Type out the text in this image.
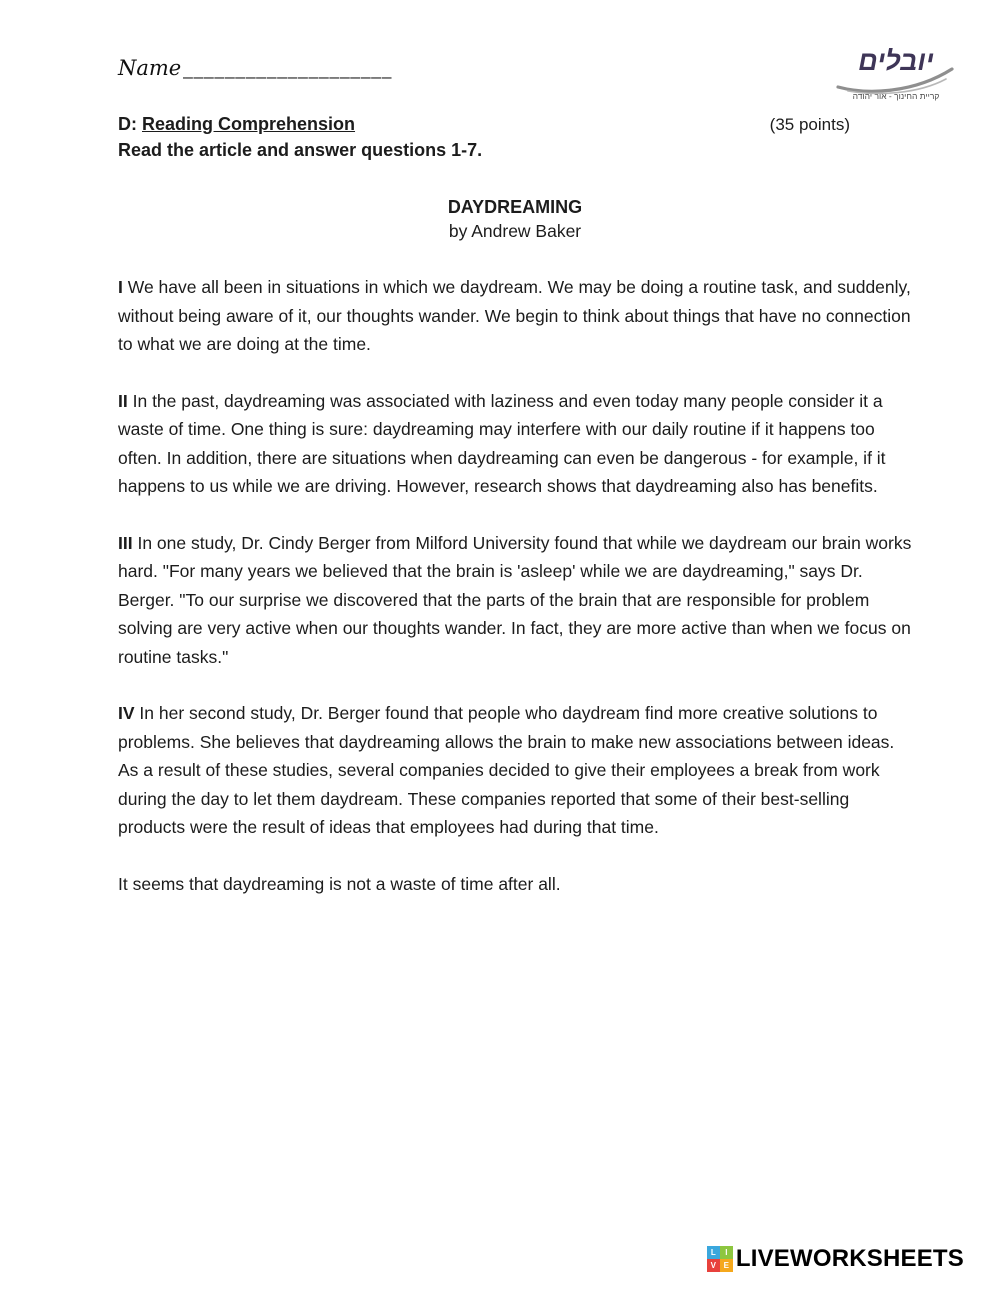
יובלים
קריית החינוך - אור יהודה
Name ____________________
D: Reading Comprehension	(35 points)
Read the article and answer questions 1-7.
DAYDREAMING
by Andrew Baker

I We have all been in situations in which we daydream. We may be doing a routine task, and suddenly, without being aware of it, our thoughts wander. We begin to think about things that have no connection to what we are doing at the time.

II In the past, daydreaming was associated with laziness and even today many people consider it a waste of time. One thing is sure: daydreaming may interfere with our daily routine if it happens too often. In addition, there are situations when daydreaming can even be dangerous - for example, if it happens to us while we are driving. However, research shows that daydreaming also has benefits.

III In one study, Dr. Cindy Berger from Milford University found that while we daydream our brain works hard. "For many years we believed that the brain is 'asleep' while we are daydreaming," says Dr. Berger. "To our surprise we discovered that the parts of the brain that are responsible for problem solving are very active when our thoughts wander. In fact, they are more active than when we focus on routine tasks."

IV In her second study, Dr. Berger found that people who daydream find more creative solutions to problems. She believes that daydreaming allows the brain to make new associations between ideas. As a result of these studies, several companies decided to give their employees a break from work during the day to let them daydream. These companies reported that some of their best-selling products were the result of ideas that employees had during that time.

It seems that daydreaming is not a waste of time after all.

L	I
V E LIVEWORKSHEETS
